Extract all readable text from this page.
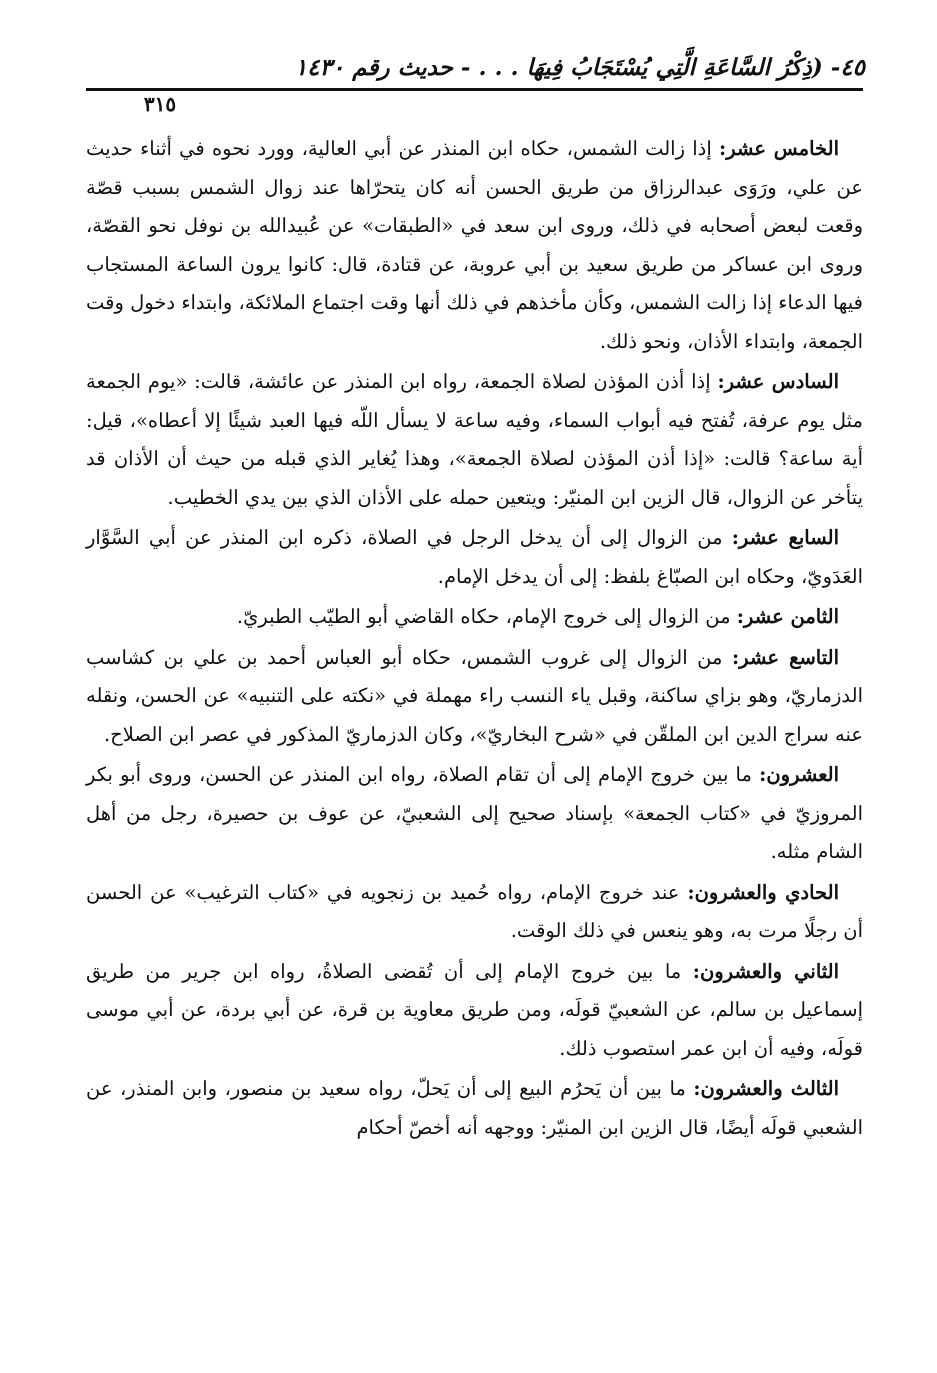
٤٥- (ذِكْرُ السَّاعَةِ الَّتِي يُسْتَجَابُ فِيهَا . . . - حديث رقم ١٤٣٠
٣١٥

الخامس عشر: إذا زالت الشمس، حكاه ابن المنذر عن أبي العالية، وورد نحوه في أثناء حديث عن علي، ورَوَى عبدالرزاق من طريق الحسن أنه كان يتحرّاها عند زوال الشمس بسبب قصّة وقعت لبعض أصحابه في ذلك، وروى ابن سعد في «الطبقات» عن عُبيدالله بن نوفل نحو القصّة، وروى ابن عساكر من طريق سعيد بن أبي عروبة، عن قتادة، قال: كانوا يرون الساعة المستجاب فيها الدعاء إذا زالت الشمس، وكأن مأخذهم في ذلك أنها وقت اجتماع الملائكة، وابتداء دخول وقت الجمعة، وابتداء الأذان، ونحو ذلك.

السادس عشر: إذا أذن المؤذن لصلاة الجمعة، رواه ابن المنذر عن عائشة، قالت: «يوم الجمعة مثل يوم عرفة، تُفتح فيه أبواب السماء، وفيه ساعة لا يسأل اللّه فيها العبد شيئًا إلا أعطاه»، قيل: أية ساعة؟ قالت: «إذا أذن المؤذن لصلاة الجمعة»، وهذا يُغاير الذي قبله من حيث أن الأذان قد يتأخر عن الزوال، قال الزين ابن المنيّر: ويتعين حمله على الأذان الذي بين يدي الخطيب.

السابع عشر: من الزوال إلى أن يدخل الرجل في الصلاة، ذكره ابن المنذر عن أبي السَّوَّار العَدَويّ، وحكاه ابن الصبّاغ بلفظ: إلى أن يدخل الإمام.

الثامن عشر: من الزوال إلى خروج الإمام، حكاه القاضي أبو الطيّب الطبريّ.

التاسع عشر: من الزوال إلى غروب الشمس، حكاه أبو العباس أحمد بن علي بن كشاسب الدزماريّ، وهو بزاي ساكنة، وقبل ياء النسب راء مهملة في «نكته على التنبيه» عن الحسن، ونقله عنه سراج الدين ابن الملقّن في «شرح البخاريّ»، وكان الدزماريّ المذكور في عصر ابن الصلاح.

العشرون: ما بين خروج الإمام إلى أن تقام الصلاة، رواه ابن المنذر عن الحسن، وروى أبو بكر المروزيّ في «كتاب الجمعة» بإسناد صحيح إلى الشعبيّ، عن عوف بن حصيرة، رجل من أهل الشام مثله.

الحادي والعشرون: عند خروج الإمام، رواه حُميد بن زنجويه في «كتاب الترغيب» عن الحسن أن رجلًا مرت به، وهو ينعس في ذلك الوقت.

الثاني والعشرون: ما بين خروج الإمام إلى أن تُقضى الصلاةُ، رواه ابن جرير من طريق إسماعيل بن سالم، عن الشعبيّ قولَه، ومن طريق معاوية بن قرة، عن أبي بردة، عن أبي موسى قولَه، وفيه أن ابن عمر استصوب ذلك.

الثالث والعشرون: ما بين أن يَحرُم البيع إلى أن يَحلّ، رواه سعيد بن منصور، وابن المنذر، عن الشعبي قولَه أيضًا، قال الزين ابن المنيّر: ووجهه أنه أخصّ أحكام
